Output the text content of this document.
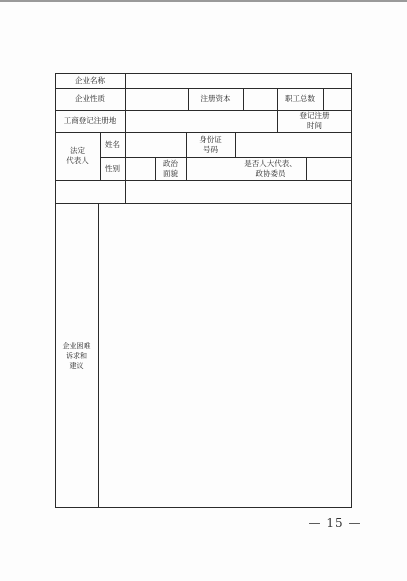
企业名称
企业性质	注册资本	职工总数
工商登记注册地
登记注册
时间
法定
代表人
姓名
身份证
号码
性别
政治
面貌
是否人大代表、
政协委员
企业困难
诉求和
建议
— 15 —
